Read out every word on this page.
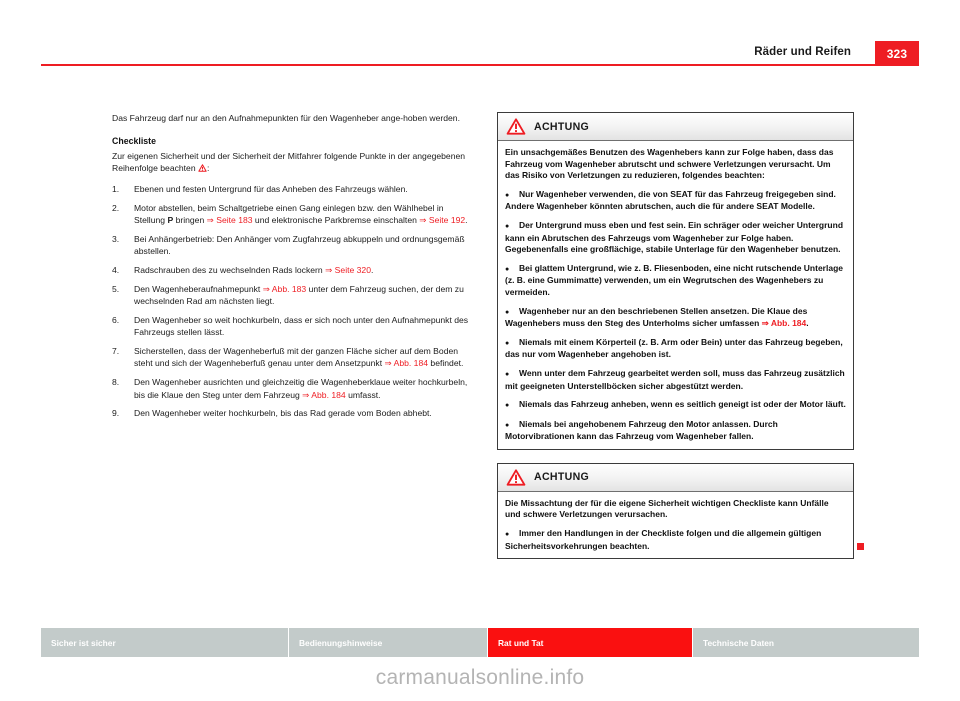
Räder und Reifen	323

Das Fahrzeug darf nur an den Aufnahmepunkten für den Wagenheber ange-hoben werden.

Checkliste

Zur eigenen Sicherheit und der Sicherheit der Mitfahrer folgende Punkte in der angegebenen Reihenfolge beachten
:

1.	Ebenen und festen Untergrund für das Anheben des Fahrzeugs wählen.
2.	Motor abstellen, beim Schaltgetriebe einen Gang einlegen bzw. den Wählhebel in Stellung P bringen ⇒ Seite 183 und elektronische Parkbremse einschalten ⇒ Seite 192.
3.	Bei Anhängerbetrieb: Den Anhänger vom Zugfahrzeug abkuppeln und ordnungsgemäß abstellen.
4.	Radschrauben des zu wechselnden Rads lockern ⇒ Seite 320.
5.	Den Wagenheberaufnahmepunkt ⇒ Abb. 183 unter dem Fahrzeug suchen, der dem zu wechselnden Rad am nächsten liegt.
6.	Den Wagenheber so weit hochkurbeln, dass er sich noch unter den Aufnahmepunkt des Fahrzeugs stellen lässt.
7.	Sicherstellen, dass der Wagenheberfuß mit der ganzen Fläche sicher auf dem Boden steht und sich der Wagenheberfuß genau unter dem Ansetzpunkt ⇒ Abb. 184 befindet.
8.	Den Wagenheber ausrichten und gleichzeitig die Wagenheberklaue weiter hochkurbeln, bis die Klaue den Steg unter dem Fahrzeug ⇒ Abb. 184 umfasst.
9.	Den Wagenheber weiter hochkurbeln, bis das Rad gerade vom Boden abhebt.
ACHTUNG

Ein unsachgemäßes Benutzen des Wagenhebers kann zur Folge haben, dass das Fahrzeug vom Wagenheber abrutscht und schwere Verletzungen verursacht. Um das Risiko von Verletzungen zu reduzieren, folgendes beachten:

●Nur Wagenheber verwenden, die von SEAT für das Fahrzeug freigegeben sind. Andere Wagenheber könnten abrutschen, auch die für andere SEAT Modelle.

●Der Untergrund muss eben und fest sein. Ein schräger oder weicher Untergrund kann ein Abrutschen des Fahrzeugs vom Wagenheber zur Folge haben. Gegebenenfalls eine großflächige, stabile Unterlage für den Wagenheber benutzen.

●Bei glattem Untergrund, wie z. B. Fliesenboden, eine nicht rutschende Unterlage (z. B. eine Gummimatte) verwenden, um ein Wegrutschen des Wagenhebers zu vermeiden.

●Wagenheber nur an den beschriebenen Stellen ansetzen. Die Klaue des Wagenhebers muss den Steg des Unterholms sicher umfassen ⇒ Abb. 184.

●Niemals mit einem Körperteil (z. B. Arm oder Bein) unter das Fahrzeug begeben, das nur vom Wagenheber angehoben ist.

●Wenn unter dem Fahrzeug gearbeitet werden soll, muss das Fahrzeug zusätzlich mit geeigneten Unterstellböcken sicher abgestützt werden.

●Niemals das Fahrzeug anheben, wenn es seitlich geneigt ist oder der Motor läuft.

●Niemals bei angehobenem Fahrzeug den Motor anlassen. Durch Motorvibrationen kann das Fahrzeug vom Wagenheber fallen.

ACHTUNG

Die Missachtung der für die eigene Sicherheit wichtigen Checkliste kann Unfälle und schwere Verletzungen verursachen.

●Immer den Handlungen in der Checkliste folgen und die allgemein gültigen Sicherheitsvorkehrungen beachten.

Sicher ist sicher	Bedienungshinweise	Rat und Tat	Technische Daten
carmanualsonline.info
